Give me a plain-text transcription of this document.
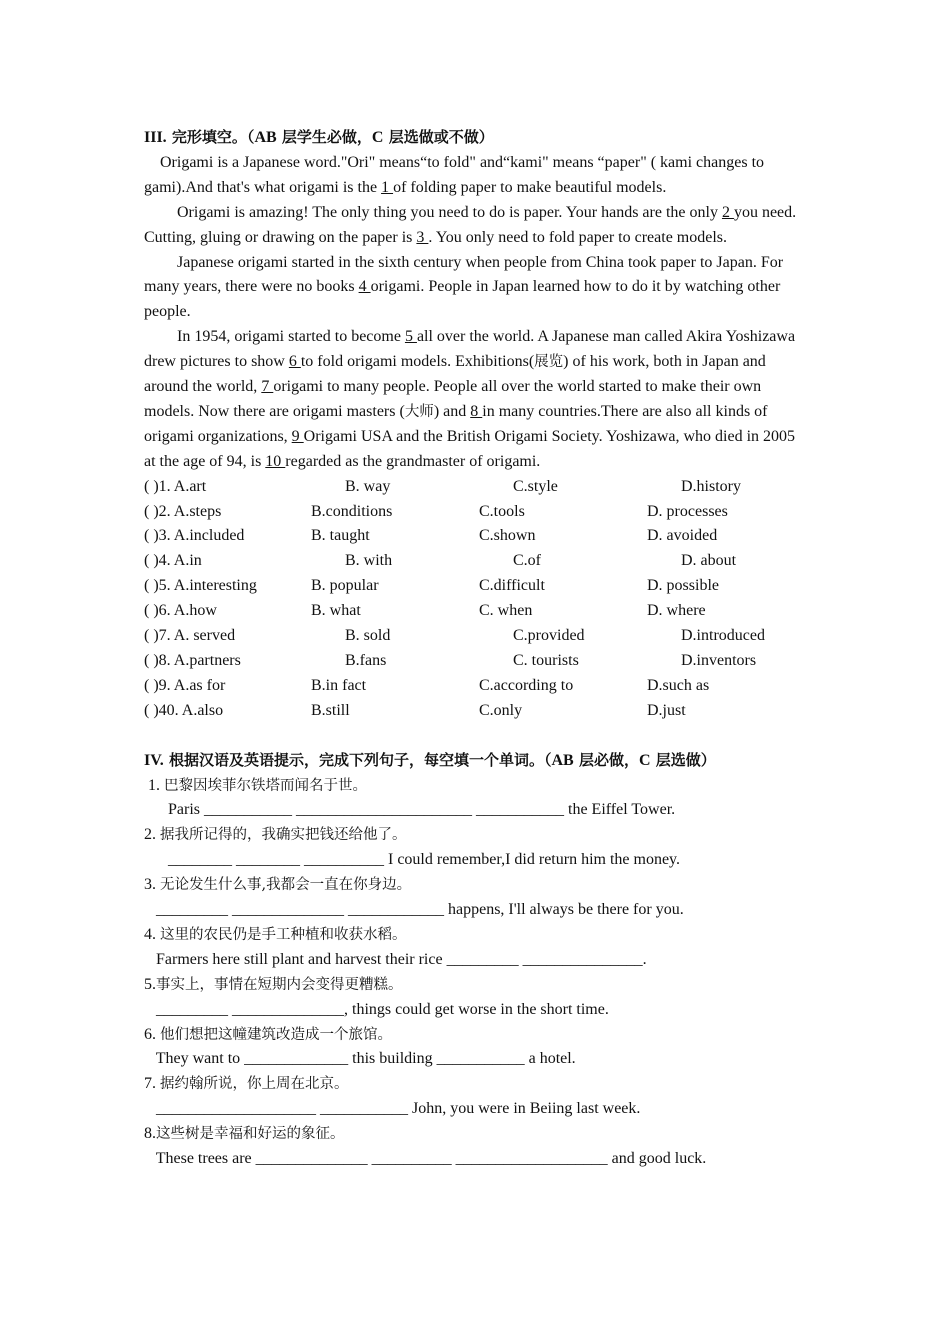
III. 完形填空。（AB 层学生必做，C 层选做或不做）

Origami is a Japanese word."Ori" means“to fold" and“kami" means “paper" ( kami changes to gami).And that's what origami is the 1 of folding paper to make beautiful models.

Origami is amazing! The only thing you need to do is paper. Your hands are the only 2 you need. Cutting, gluing or drawing on the paper is 3 . You only need to fold paper to create models.

Japanese origami started in the sixth century when people from China took paper to Japan. For many years, there were no books 4 origami. People in Japan learned how to do it by watching other people.

In 1954, origami started to become 5 all over the world. A Japanese man called Akira Yoshizawa drew pictures to show 6 to fold origami models. Exhibitions(展览) of his work, both in Japan and around the world, 7 origami to many people. People all over the world started to make their own models. Now there are origami masters (大师) and 8 in many countries.There are also all kinds of origami organizations, 9 Origami USA and the British Origami Society. Yoshizawa, who died in 2005 at the age of 94, is 10 regarded as the grandmaster of origami.

( )1. A.art	B. way	C.style	D.history
( )2. A.steps	B.conditions	C.tools	D. processes
( )3. A.included	B. taught	C.shown	D. avoided
( )4. A.in	B. with	C.of	D. about
( )5. A.interesting	B. popular	C.difficult	D. possible
( )6. A.how	B. what	C. when	D. where
( )7. A. served	B. sold	C.provided	D.introduced
( )8. A.partners	B.fans	C. tourists	D.inventors
( )9. A.as for	B.in fact	C.according to	D.such as
( )40. A.also	B.still	C.only	D.just
IV. 根据汉语及英语提示，完成下列句子，每空填一个单词。（AB 层必做，C 层选做）
1. 巴黎因埃菲尔铁塔而闻名于世。
Paris ___________ ______________________ ___________ the Eiffel Tower.
2. 据我所记得的，我确实把钱还给他了。
________ ________ __________ I could remember,I did return him the money.
3. 无论发生什么事,我都会一直在你身边。
_________ ______________ ____________ happens, I'll always be there for you.
4. 这里的农民仍是手工种植和收获水稻。
Farmers here still plant and harvest their rice _________ _______________.
5.事实上，事情在短期内会变得更糟糕。
_________ ______________, things could get worse in the short time.
6. 他们想把这幢建筑改造成一个旅馆。
They want to _____________ this building ___________ a hotel.
7. 据约翰所说，你上周在北京。
____________________ ___________ John, you were in Beiing last week.
8.这些树是幸福和好运的象征。
These trees are ______________ __________ ___________________ and good luck.
